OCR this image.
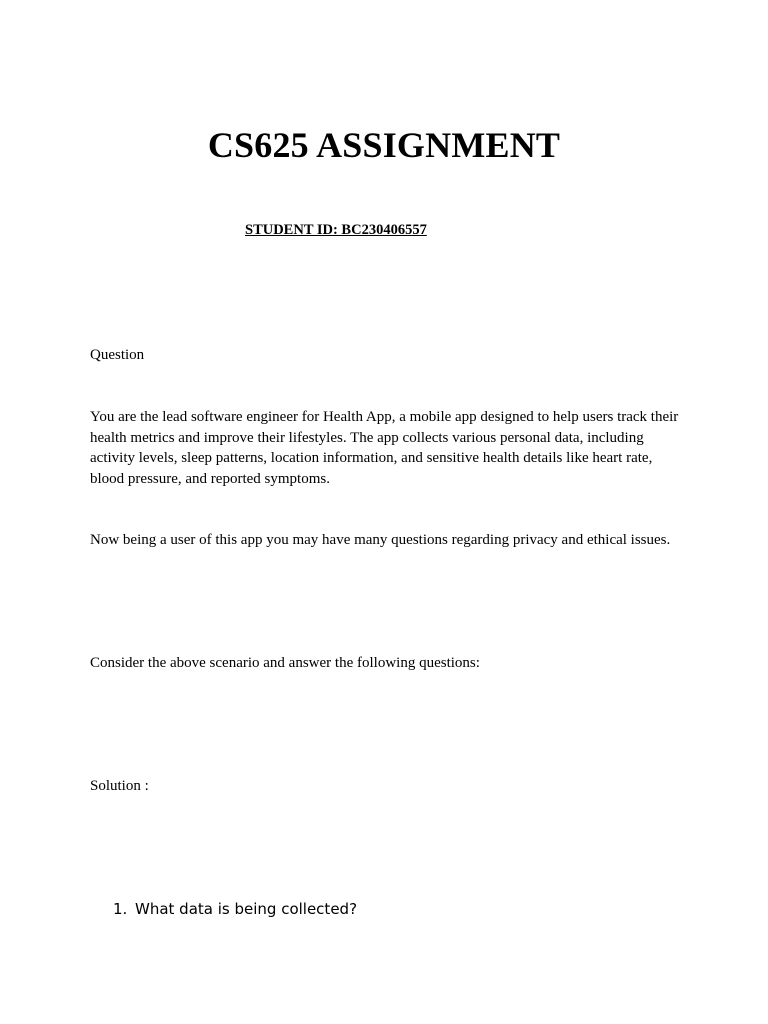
CS625 ASSIGNMENT

STUDENT ID: BC230406557

Question

You are the lead software engineer for Health App, a mobile app designed to help users track their health metrics and improve their lifestyles. The app collects various personal data, including activity levels, sleep patterns, location information, and sensitive health details like heart rate, blood pressure, and reported symptoms.

Now being a user of this app you may have many questions regarding privacy and ethical issues.

Consider the above scenario and answer the following questions:

Solution :

1. What data is being collected?
